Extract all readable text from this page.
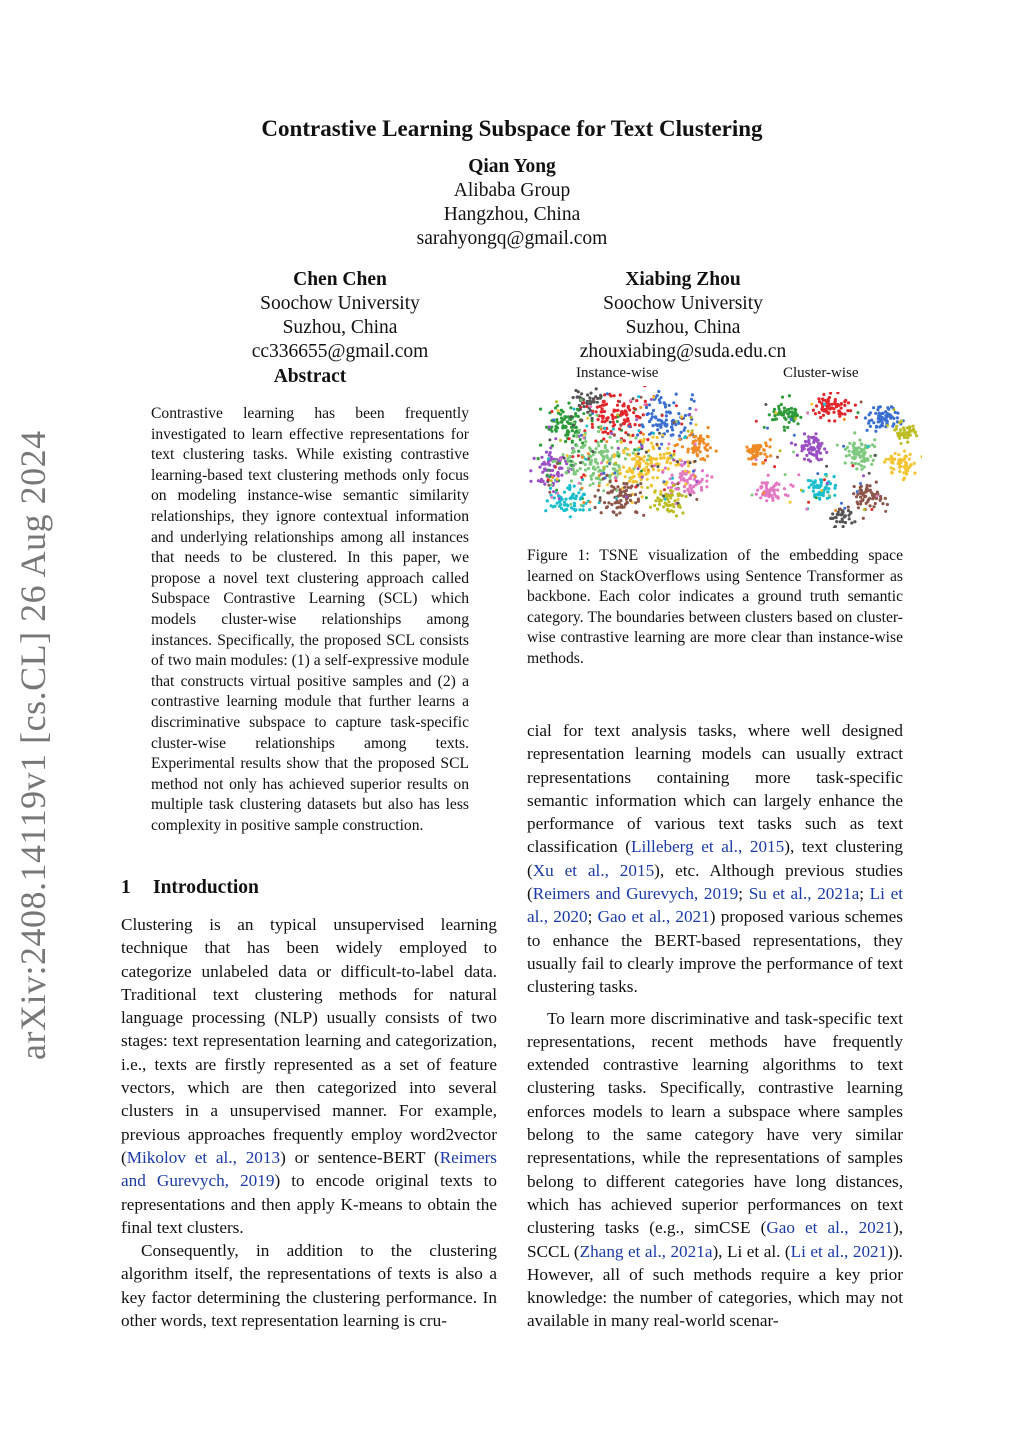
arXiv:2408.14119v1 [cs.CL] 26 Aug 2024
Contrastive Learning Subspace for Text Clustering
Qian Yong
Alibaba Group
Hangzhou, China
sarahyongq@gmail.com
Chen Chen
Soochow University
Suzhou, China
cc336655@gmail.com
Xiabing Zhou
Soochow University
Suzhou, China
zhouxiabing@suda.edu.cn
Abstract
Contrastive learning has been frequently investigated to learn effective representations for text clustering tasks. While existing contrastive learning-based text clustering methods only focus on modeling instance-wise semantic similarity relationships, they ignore contextual information and underlying relationships among all instances that needs to be clustered. In this paper, we propose a novel text clustering approach called Subspace Contrastive Learning (SCL) which models cluster-wise relationships among instances. Specifically, the proposed SCL consists of two main modules: (1) a self-expressive module that constructs virtual positive samples and (2) a contrastive learning module that further learns a discriminative subspace to capture task-specific cluster-wise relationships among texts. Experimental results show that the proposed SCL method not only has achieved superior results on multiple task clustering datasets but also has less complexity in positive sample construction.
Instance-wise	Cluster-wise
Figure 1: TSNE visualization of the embedding space learned on StackOverflows using Sentence Transformer as backbone. Each color indicates a ground truth semantic category. The boundaries between clusters based on cluster-wise contrastive learning are more clear than instance-wise methods.
1 Introduction

Clustering is an typical unsupervised learning technique that has been widely employed to categorize unlabeled data or difficult-to-label data. Traditional text clustering methods for natural language processing (NLP) usually consists of two stages: text representation learning and categorization, i.e., texts are firstly represented as a set of feature vectors, which are then categorized into several clusters in a unsupervised manner. For example, previous approaches frequently employ word2vector (Mikolov et al., 2013) or sentence-BERT (Reimers and Gurevych, 2019) to encode original texts to representations and then apply K-means to obtain the final text clusters.

Consequently, in addition to the clustering algorithm itself, the representations of texts is also a key factor determining the clustering performance. In other words, text representation learning is cru-

cial for text analysis tasks, where well designed representation learning models can usually extract representations containing more task-specific semantic information which can largely enhance the performance of various text tasks such as text classification (Lilleberg et al., 2015), text clustering (Xu et al., 2015), etc. Although previous studies (Reimers and Gurevych, 2019; Su et al., 2021a; Li et al., 2020; Gao et al., 2021) proposed various schemes to enhance the BERT-based representations, they usually fail to clearly improve the performance of text clustering tasks.

To learn more discriminative and task-specific text representations, recent methods have frequently extended contrastive learning algorithms to text clustering tasks. Specifically, contrastive learning enforces models to learn a subspace where samples belong to the same category have very similar representations, while the representations of samples belong to different categories have long distances, which has achieved superior performances on text clustering tasks (e.g., simCSE (Gao et al., 2021), SCCL (Zhang et al., 2021a), Li et al. (Li et al., 2021)). However, all of such methods require a key prior knowledge: the number of categories, which may not available in many real-world scenar-
